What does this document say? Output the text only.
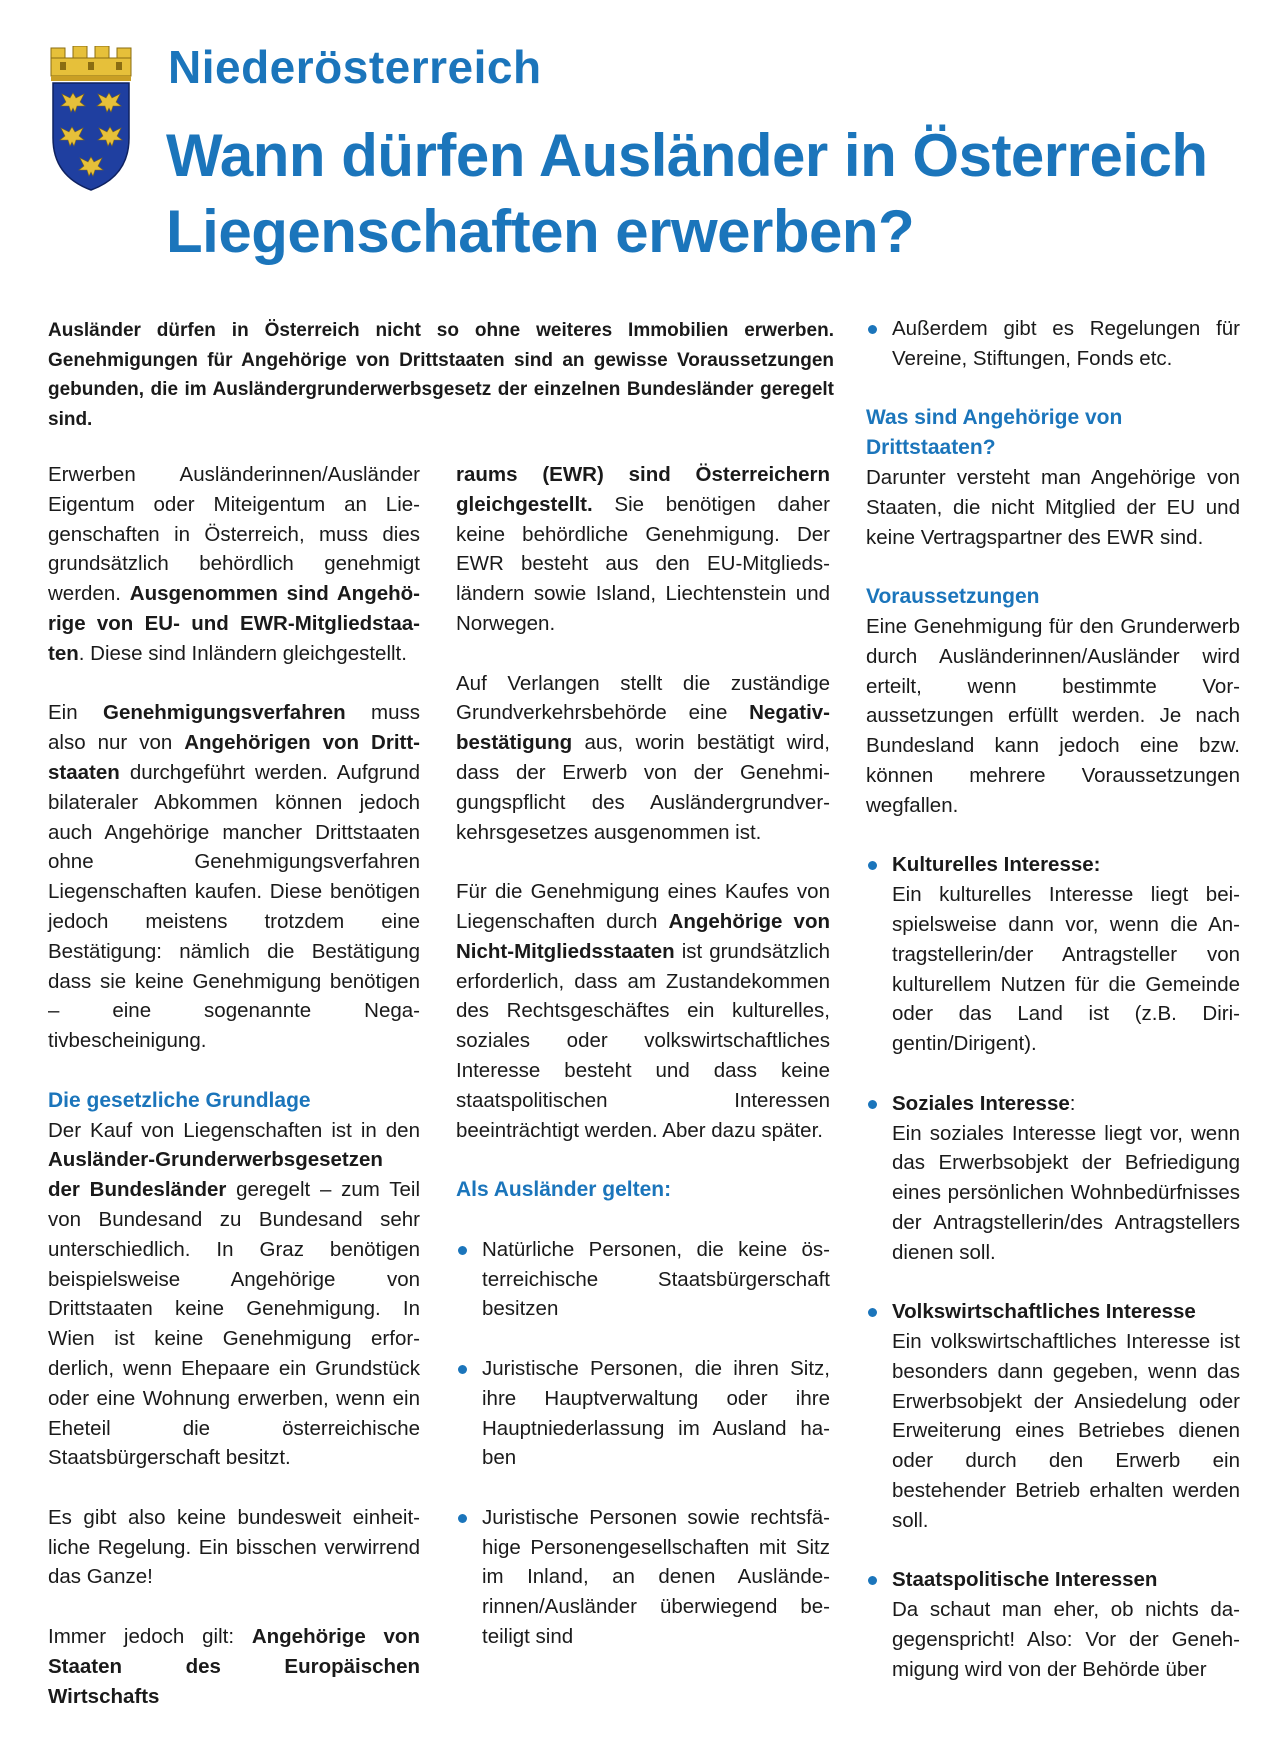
Niederösterreich
Wann dürfen Ausländer in Österreich Liegenschaften erwerben?

Ausländer dürfen in Österreich nicht so ohne weiteres Immobilien erwerben. Genehmigungen für Angehörige von Drittstaaten sind an gewisse Voraussetzungen gebunden, die im Ausländergrunderwerbsgesetz der einzelnen Bundesländer geregelt sind.

Erwerben Ausländerinnen/Ausländer Eigentum oder Miteigentum an Liegenschaften in Österreich, muss dies grundsätzlich behördlich genehmigt werden. Ausgenommen sind Angehörige von EU- und EWR-Mitgliedstaaten. Diese sind Inländern gleichgestellt.

Ein Genehmigungsverfahren muss also nur von Angehörigen von Drittstaaten durchgeführt werden. Aufgrund bilateraler Abkommen können jedoch auch Angehörige mancher Drittstaaten ohne Genehmigungsverfahren Liegenschaften kaufen. Diese benötigen jedoch meistens trotzdem eine Bestätigung: nämlich die Bestätigung dass sie keine Genehmigung benötigen – eine sogenannte Negativbescheinigung.

Die gesetzliche Grundlage

Der Kauf von Liegenschaften ist in den Ausländer-Grunderwerbsgesetzen der Bundesländer geregelt – zum Teil von Bundesand zu Bundesand sehr unterschiedlich. In Graz benötigen beispielsweise Angehörige von Drittstaaten keine Genehmigung. In Wien ist keine Genehmigung erforderlich, wenn Ehepaare ein Grundstück oder eine Wohnung erwerben, wenn ein Eheteil die österreichische Staatsbürgerschaft besitzt.

Es gibt also keine bundesweit einheitliche Regelung. Ein bisschen verwirrend das Ganze!

Immer jedoch gilt: Angehörige von Staaten des Europäischen Wirtschafts

raums (EWR) sind Österreichern gleichgestellt. Sie benötigen daher keine behördliche Genehmigung. Der EWR besteht aus den EU-Mitgliedsländern sowie Island, Liechtenstein und Norwegen.

Auf Verlangen stellt die zuständige Grundverkehrsbehörde eine Negativbestätigung aus, worin bestätigt wird, dass der Erwerb von der Genehmigungspflicht des Ausländergrundverkehrsgesetzes ausgenommen ist.

Für die Genehmigung eines Kaufes von Liegenschaften durch Angehörige von Nicht-Mitgliedsstaaten ist grundsätzlich erforderlich, dass am Zustandekommen des Rechtsgeschäftes ein kulturelles, soziales oder volkswirtschaftliches Interesse besteht und dass keine staatspolitischen Interessen beeinträchtigt werden. Aber dazu später.

Als Ausländer gelten:
Natürliche Personen, die keine österreichische Staatsbürgerschaft besitzen
Juristische Personen, die ihren Sitz, ihre Hauptverwaltung oder ihre Hauptniederlassung im Ausland haben
Juristische Personen sowie rechtsfähige Personengesellschaften mit Sitz im Inland, an denen Ausländerinnen/Ausländer überwiegend beteiligt sind
Außerdem gibt es Regelungen für Vereine, Stiftungen, Fonds etc.
Was sind Angehörige von Drittstaaten?

Darunter versteht man Angehörige von Staaten, die nicht Mitglied der EU und keine Vertragspartner des EWR sind.

Voraussetzungen

Eine Genehmigung für den Grunderwerb durch Ausländerinnen/Ausländer wird erteilt, wenn bestimmte Voraussetzungen erfüllt werden. Je nach Bundesland kann jedoch eine bzw. können mehrere Voraussetzungen wegfallen.

Kulturelles Interesse:
Ein kulturelles Interesse liegt beispielsweise dann vor, wenn die Antragstellerin/der Antragsteller von kulturellem Nutzen für die Gemeinde oder das Land ist (z.B. Dirigentin/Dirigent).
Soziales Interesse:
Ein soziales Interesse liegt vor, wenn das Erwerbsobjekt der Befriedigung eines persönlichen Wohnbedürfnisses der Antragstellerin/des Antragstellers dienen soll.
Volkswirtschaftliches Interesse
Ein volkswirtschaftliches Interesse ist besonders dann gegeben, wenn das Erwerbsobjekt der Ansiedelung oder Erweiterung eines Betriebes dienen oder durch den Erwerb ein bestehender Betrieb erhalten werden soll.
Staatspolitische Interessen
Da schaut man eher, ob nichts dagegenspricht! Also: Vor der Genehmigung wird von der Behörde über
